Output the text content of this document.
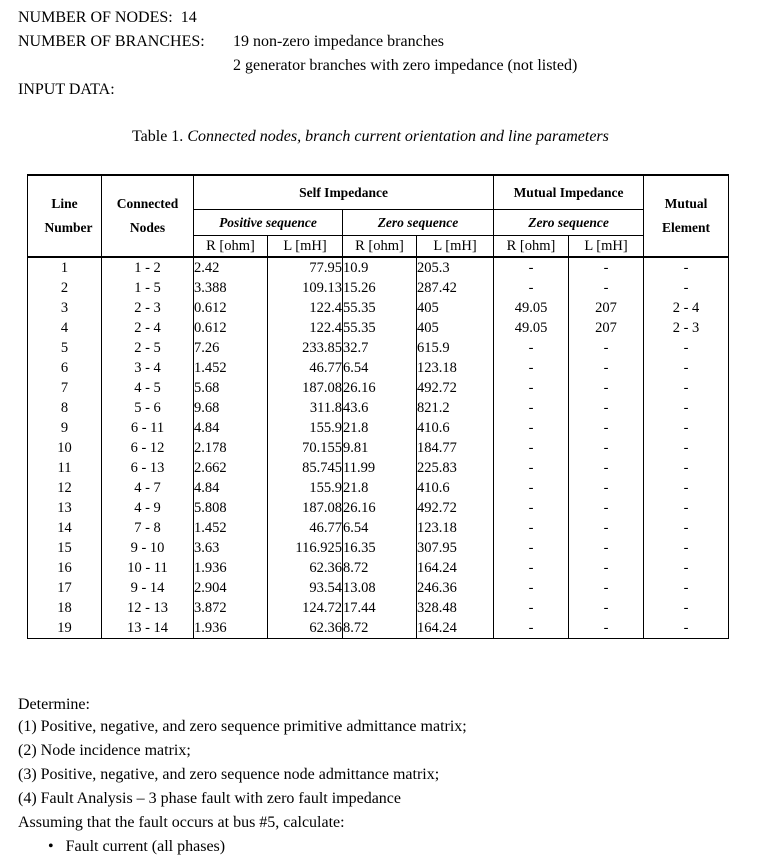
NUMBER OF NODES: 14
NUMBER OF BRANCHES: 19 non-zero impedance branches
2 generator branches with zero impedance (not listed)
INPUT DATA:
Table 1. Connected nodes, branch current orientation and line parameters
Line Number	Connected Nodes	Self Impedance				Mutual Impedance		Mutual Element

		Positive sequence		Zero sequence		Zero sequence		
		R [ohm]	L [mH]	R [ohm]	L [mH]	R [ohm]	L [mH]	
1	1 - 2	2.42	77.95	10.9	205.3	-	-	-
2	1 - 5	3.388	109.13	15.26	287.42	-	-	-
3	2 - 3	0.612	122.4	55.35	405	49.05	207	2 - 4
4	2 - 4	0.612	122.4	55.35	405	49.05	207	2 - 3
5	2 - 5	7.26	233.85	32.7	615.9	-	-	-
6	3 - 4	1.452	46.77	6.54	123.18	-	-	-
7	4 - 5	5.68	187.08	26.16	492.72	-	-	-
8	5 - 6	9.68	311.8	43.6	821.2	-	-	-
9	6 - 11	4.84	155.9	21.8	410.6	-	-	-
10	6 - 12	2.178	70.155	9.81	184.77	-	-	-
11	6 - 13	2.662	85.745	11.99	225.83	-	-	-
12	4 - 7	4.84	155.9	21.8	410.6	-	-	-
13	4 - 9	5.808	187.08	26.16	492.72	-	-	-
14	7 - 8	1.452	46.77	6.54	123.18	-	-	-
15	9 - 10	3.63	116.925	16.35	307.95	-	-	-
16	10 - 11	1.936	62.36	8.72	164.24	-	-	-
17	9 - 14	2.904	93.54	13.08	246.36	-	-	-
18	12 - 13	3.872	124.72	17.44	328.48	-	-	-
19	13 - 14	1.936	62.36	8.72	164.24	-	-	-
Determine:
(1) Positive, negative, and zero sequence primitive admittance matrix;
(2) Node incidence matrix;
(3) Positive, negative, and zero sequence node admittance matrix;
(4) Fault Analysis – 3 phase fault with zero fault impedance
Assuming that the fault occurs at bus #5, calculate:
• Fault current (all phases)
